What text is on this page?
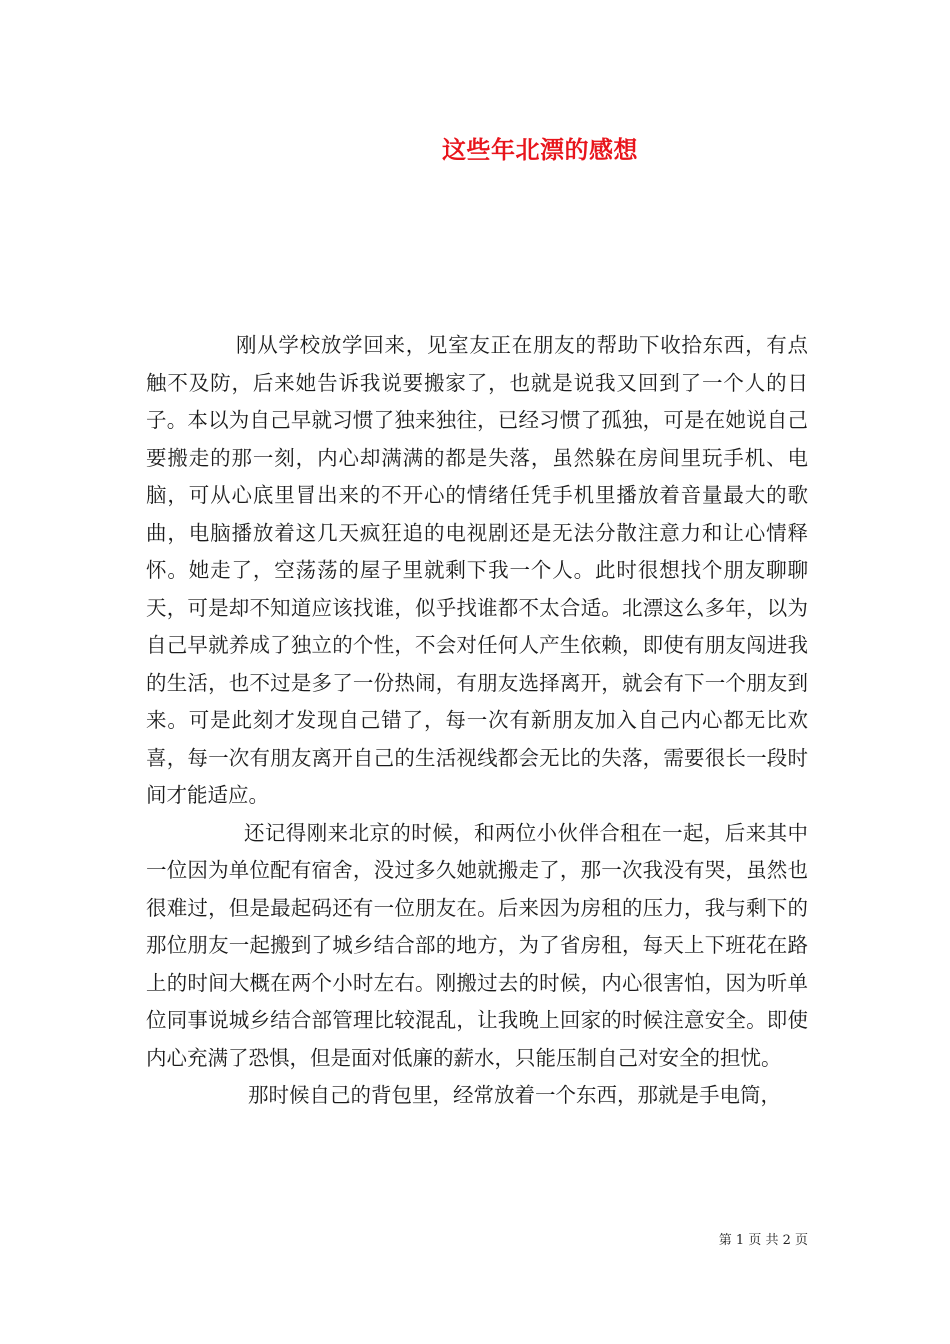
这些年北漂的感想

刚从学校放学回来，见室友正在朋友的帮助下收拾东西，有点触不及防，后来她告诉我说要搬家了，也就是说我又回到了一个人的日子。本以为自己早就习惯了独来独往，已经习惯了孤独，可是在她说自己要搬走的那一刻，内心却满满的都是失落，虽然躲在房间里玩手机、电脑，可从心底里冒出来的不开心的情绪任凭手机里播放着音量最大的歌曲，电脑播放着这几天疯狂追的电视剧还是无法分散注意力和让心情释怀。她走了，空荡荡的屋子里就剩下我一个人。此时很想找个朋友聊聊天，可是却不知道应该找谁，似乎找谁都不太合适。北漂这么多年，以为自己早就养成了独立的个性，不会对任何人产生依赖，即使有朋友闯进我的生活，也不过是多了一份热闹，有朋友选择离开，就会有下一个朋友到来。可是此刻才发现自己错了，每一次有新朋友加入自己内心都无比欢喜，每一次有朋友离开自己的生活视线都会无比的失落，需要很长一段时间才能适应。

还记得刚来北京的时候，和两位小伙伴合租在一起，后来其中一位因为单位配有宿舍，没过多久她就搬走了，那一次我没有哭，虽然也很难过，但是最起码还有一位朋友在。后来因为房租的压力，我与剩下的那位朋友一起搬到了城乡结合部的地方，为了省房租，每天上下班花在路上的时间大概在两个小时左右。刚搬过去的时候，内心很害怕，因为听单位同事说城乡结合部管理比较混乱，让我晚上回家的时候注意安全。即使内心充满了恐惧，但是面对低廉的薪水，只能压制自己对安全的担忧。

那时候自己的背包里，经常放着一个东西，那就是手电筒，

第 1 页 共 2 页
